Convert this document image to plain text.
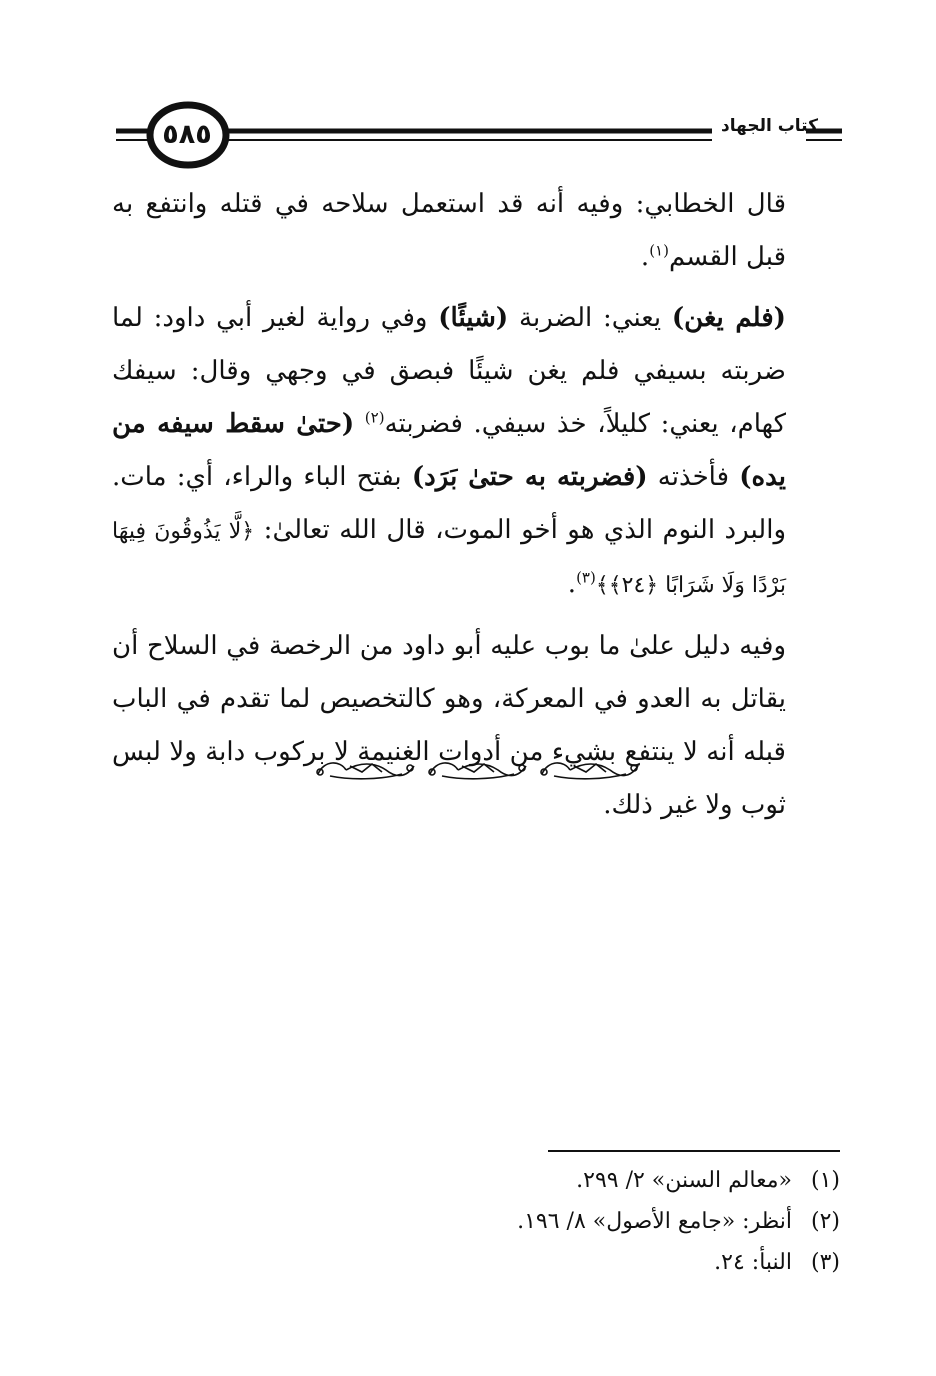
٥٨٥	كتاب الجهاد

قال الخطابي: وفيه أنه قد استعمل سلاحه في قتله وانتفع به قبل القسم$^{(١)}$.

(فلم يغن) يعني: الضربة (شيئًا) وفي رواية لغير أبي داود: لما ضربته بسيفي فلم يغن شيئًا فبصق في وجهي وقال: سيفك كهام، يعني: كليلاً، خذ سيفي. فضربته$^{(٢)}$ (حتىٰ سقط سيفه من يده) فأخذته (فضربته به حتىٰ بَرَد) بفتح الباء والراء، أي: مات. والبرد النوم الذي هو أخو الموت، قال الله تعالىٰ: ﴿لَّا يَذُوقُونَ فِيهَا بَرْدًا وَلَا شَرَابًا ﴿٢٤﴾﴾$^{(٣)}$.

وفيه دليل علىٰ ما بوب عليه أبو داود من الرخصة في السلاح أن يقاتل به العدو في المعركة، وهو كالتخصيص لما تقدم في الباب قبله أنه لا ينتفع بشيء من أدوات الغنيمة لا بركوب دابة ولا لبس ثوب ولا غير ذلك.

(١)«معالم السنن» ٢/ ٢٩٩.
(٢)أنظر: «جامع الأصول» ٨/ ١٩٦.
(٣)النبأ: ٢٤.
